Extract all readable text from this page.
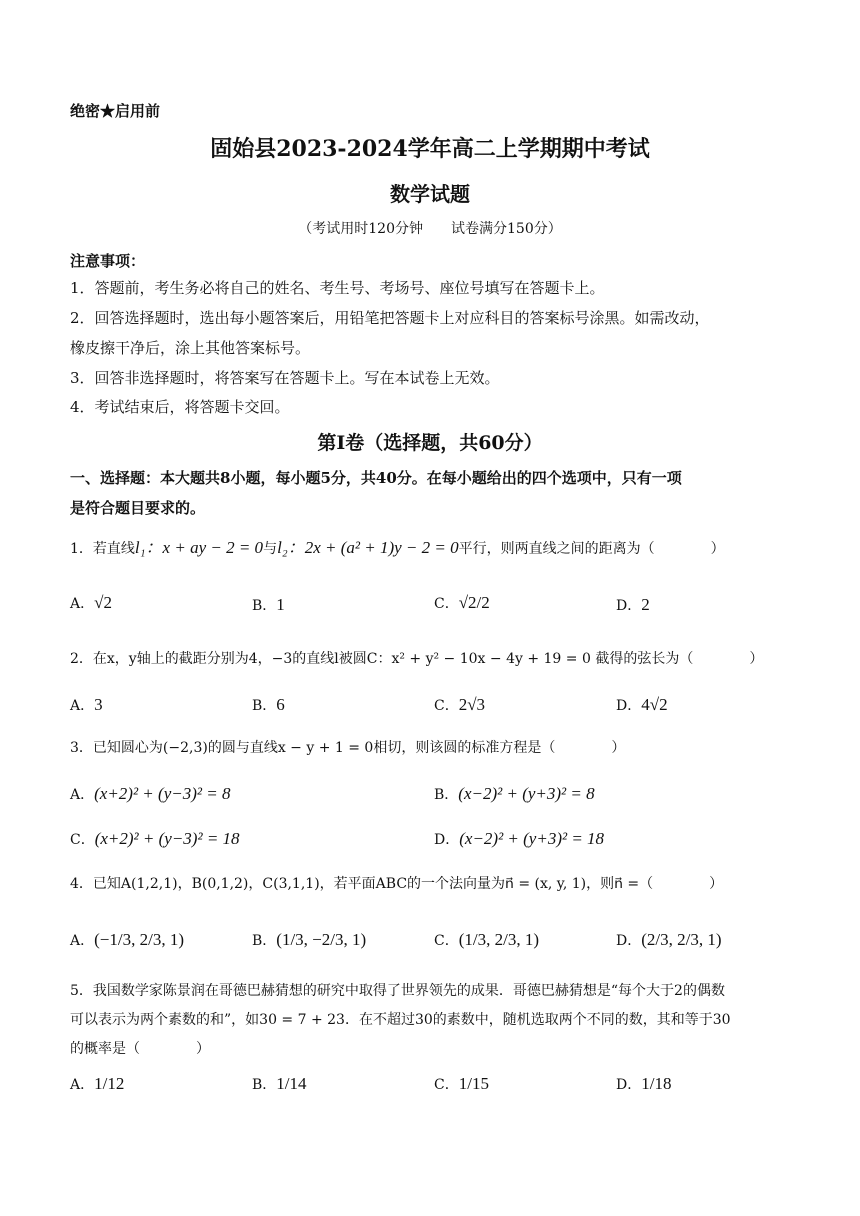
绝密★启用前
固始县2023-2024学年高二上学期期中考试
数学试题
（考试用时120分钟 试卷满分150分）
注意事项：
1．答题前，考生务必将自己的姓名、考生号、考场号、座位号填写在答题卡上。
2．回答选择题时，选出每小题答案后，用铅笔把答题卡上对应科目的答案标号涂黑。如需改动，
橡皮擦干净后，涂上其他答案标号。
3．回答非选择题时，将答案写在答题卡上。写在本试卷上无效。
4．考试结束后，将答题卡交回。
第Ⅰ卷（选择题，共60分）
一、选择题：本大题共8小题，每小题5分，共40分。在每小题给出的四个选项中，只有一项
是符合题目要求的。
1．若直线l₁：x + ay − 2 = 0与l₂：2x + (a² + 1)y − 2 = 0平行，则两直线之间的距离为（　　　　）
A．√2	B．1	C．√2/2	D．2
2．在x，y轴上的截距分别为4，−3的直线l被圆C：x² + y² − 10x − 4y + 19 = 0 截得的弦长为（　　　　）
A．3	B．6	C．2√3	D．4√2
3．已知圆心为(−2,3)的圆与直线x − y + 1 = 0相切，则该圆的标准方程是（　　　　）
A．(x+2)² + (y−3)² = 8	B．(x−2)² + (y+3)² = 8
C．(x+2)² + (y−3)² = 18	D．(x−2)² + (y+3)² = 18
4．已知A(1,2,1)，B(0,1,2)，C(3,1,1)，若平面ABC的一个法向量为n⃗ = (x, y, 1)，则n⃗ =（　　　　）
A．(−1/3, 2/3, 1)	B．(1/3, −2/3, 1)	C．(1/3, 2/3, 1)	D．(2/3, 2/3, 1)
5．我国数学家陈景润在哥德巴赫猜想的研究中取得了世界领先的成果．哥德巴赫猜想是“每个大于2的偶数
可以表示为两个素数的和”，如30 = 7 + 23．在不超过30的素数中，随机选取两个不同的数，其和等于30
的概率是（　　　　）
A．1/12	B．1/14	C．1/15	D．1/18
